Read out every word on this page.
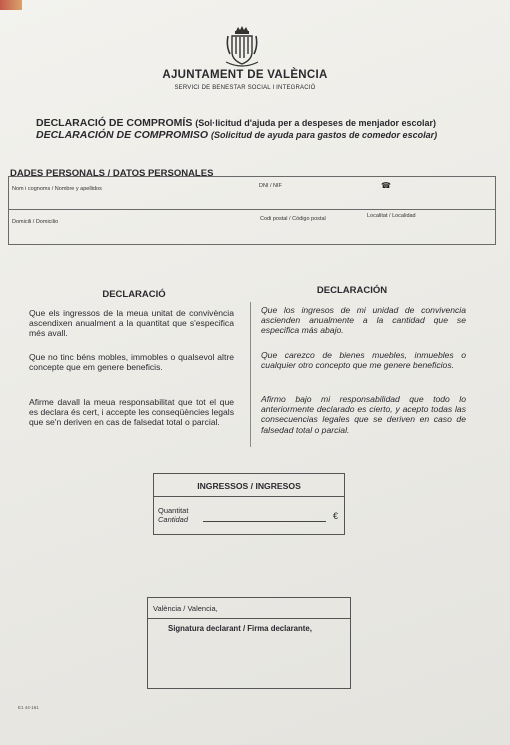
AJUNTAMENT DE VALÈNCIA
SERVICI DE BENESTAR SOCIAL I INTEGRACIÓ
DECLARACIÓ DE COMPROMÍS (Sol·licitud d'ajuda per a despeses de menjador escolar)
DECLARACIÓN DE COMPROMISO (Solicitud de ayuda para gastos de comedor escolar)
DADES PERSONALS / DATOS PERSONALES
Nom i cognoms / Nombre y apellidos	DNI / NIF	☎
Domicili / Domicilio	Codi postal / Código postal	Localitat / Localidad
DECLARACIÓ	DECLARACIÓN
Que els ingressos de la meua unitat de convivència ascendixen anualment a la quantitat que s'especifica més avall.
Que no tinc béns mobles, immobles o qualsevol altre concepte que em genere beneficis.
Afirme davall la meua responsabilitat que tot el que es declara és cert, i accepte les conseqüències legals que se'n deriven en cas de falsedat total o parcial.
Que los ingresos de mi unidad de convivencia ascienden anualmente a la cantidad que se especifica más abajo.
Que carezco de bienes muebles, inmuebles o cualquier otro concepto que me genere beneficios.
Afirmo bajo mi responsabilidad que todo lo anteriormente declarado es cierto, y acepto todas las consecuencias legales que se deriven en caso de falsedad total o parcial.
INGRESSOS / INGRESOS
Quantitat
Cantidad	€
València / Valencia,
Signatura declarant / Firma declarante,
E1 44-161
